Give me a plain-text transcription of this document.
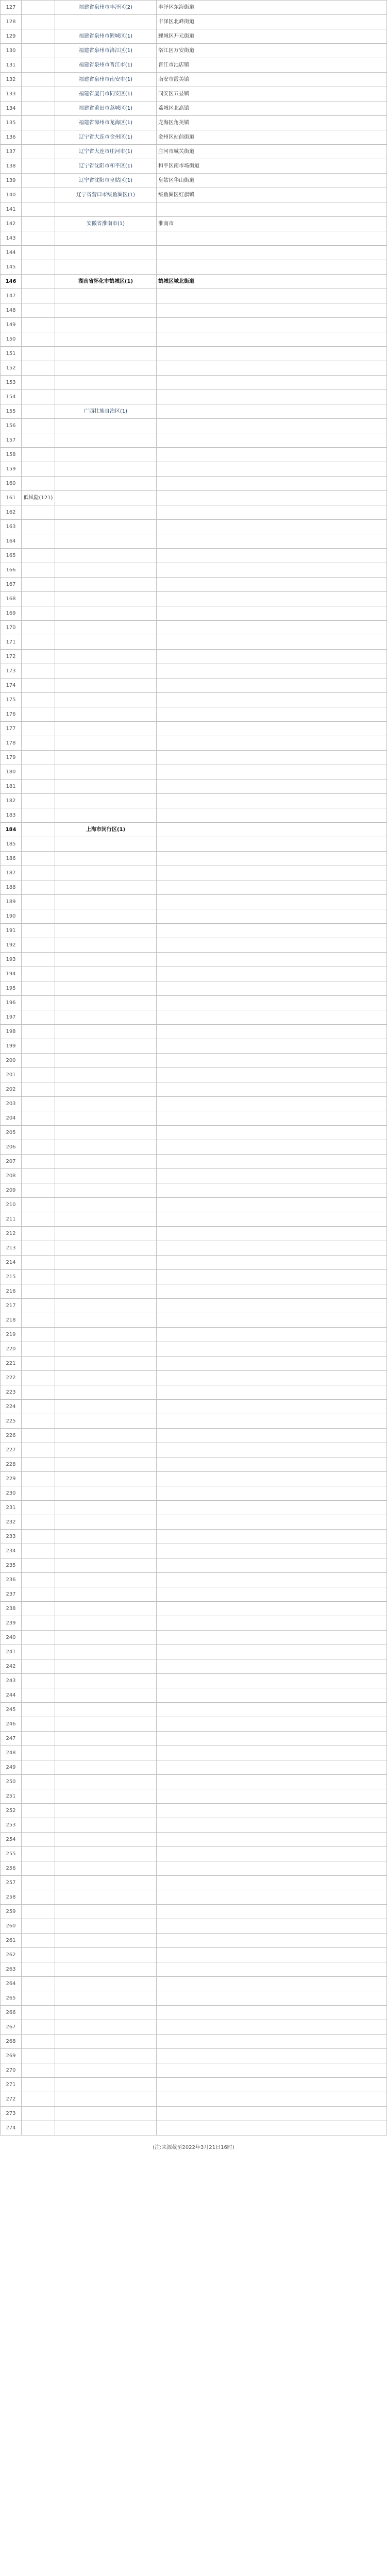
127		福建省泉州市丰泽区(2)	丰泽区东海街道
128			丰泽区北峰街道
129		福建省泉州市鲤城区(1)	鲤城区开元街道
130		福建省泉州市洛江区(1)	洛江区万安街道
131		福建省泉州市晋江市(1)	晋江市池店镇
132		福建省泉州市南安市(1)	南安市霞美镇
133		福建省厦门市同安区(1)	同安区五显镇
134		福建省莆田市荔城区(1)	荔城区北高镇
135		福建省漳州市龙海区(1)	龙海区角美镇
136		辽宁省大连市金州区(1)	金州区站前街道
137		辽宁省大连市庄河市(1)	庄河市城关街道
138		辽宁省沈阳市和平区(1)	和平区南市场街道
139		辽宁省沈阳市皇姑区(1)	皇姑区华山街道
140		辽宁省营口市鲅鱼圈区(1)	鲅鱼圈区红旗镇
141			
142		安徽省淮南市(1)	淮南市
143			
144			
145			
146		湖南省怀化市鹤城区(1)	鹤城区城北街道
147			
148			
149			
150			
151			
152			
153			
154			
155		广西壮族自治区(1)	
156			
157			
158			
159			
160			
161	低风险(121)		
162			
163			
164			
165			
166			
167			
168			
169			
170			
171			
172			
173			
174			
175			
176			
177			
178			
179			
180			
181			
182			
183			
184		上海市闵行区(1)	
185			
186			
187			
188			
189			
190			
191			
192			
193			
194			
195			
196			
197			
198			
199			
200			
201			
202			
203			
204			
205			
206			
207			
208			
209			
210			
211			
212			
213			
214			
215			
216			
217			
218			
219			
220			
221			
222			
223			
224			
225			
226			
227			
228			
229			
230			
231			
232			
233			
234			
235			
236			
237			
238			
239			
240			
241			
242			
243			
244			
245			
246			
247			
248			
249			
250			
251			
252			
253			
254			
255			
256			
257			
258			
259			
260			
261			
262			
263			
264			
265			
266			
267			
268			
269			
270			
271			
272			
273			
274			
(注:来源截至2022年3月21日16时)
